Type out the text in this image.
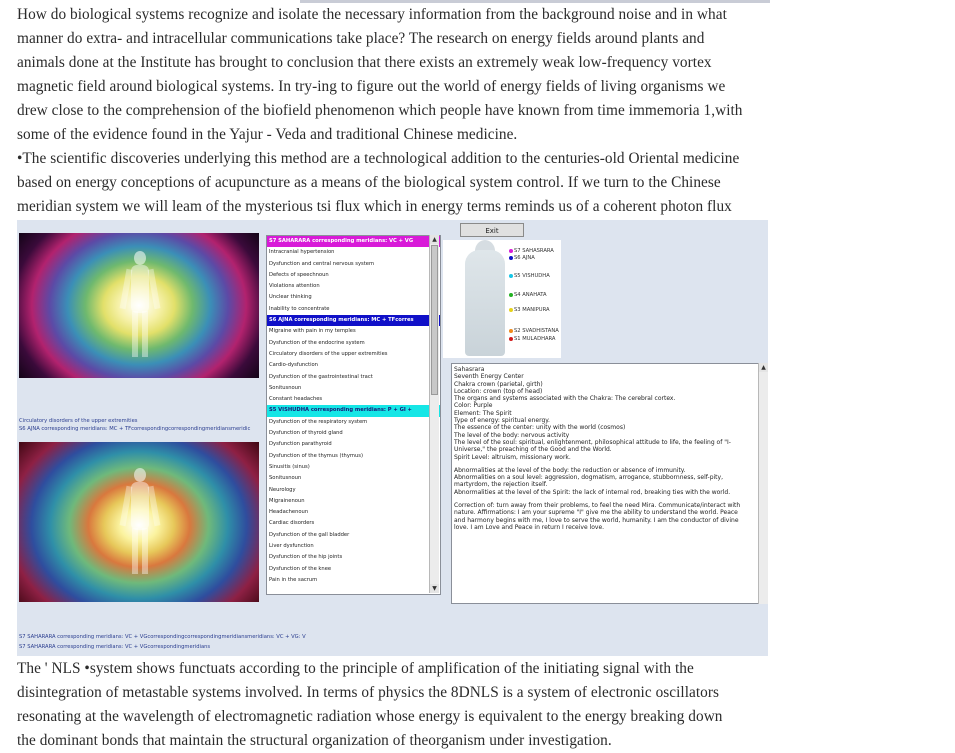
How do biological systems recognize and isolate the necessary information from the background noise and in what
manner do extra- and intracellular communications take place? The research on energy fields around plants and
animals done at the Institute has brought to conclusion that there exists an extremely weak low-frequency vortex
magnetic field around biological systems. In try-ing to figure out the world of energy fields of living organisms we
drew close to the comprehension of the biofield phenomenon which people have known from time immemoria 1,with
some of the evidence found in the Yajur - Veda and traditional Chinese medicine.
•The scientific discoveries underlying this method are a technological addition to the centuries-old Oriental medicine
based on energy conceptions of acupuncture as a means of the biological system control. If we turn to the Chinese
meridian system we will leam of the mysterious tsi flux which in energy terms reminds us of a coherent photon flux
Circulatory disorders of the upper extremities
S6 AJNA corresponding meridians: MC + TFcorrespondingcorrespondingmeridiansmeridic
S7 SAHARARA corresponding meridians: VC + VG
Intracranial hypertension
Dysfunction and central nervous system
Defects of speechnoun
Violations attention
Unclear thinking
Inability to concentrate
S6 AJNA corresponding meridians: MC + TFcorres
Migraine with pain in my temples
Dysfunction of the endocrine system
Circulatory disorders of the upper extremities
Cardio-dysfunction
Dysfunction of the gastrointestinal tract
Sonitusnoun
Constant headaches
S5 VISHUDHA corresponding meridians: P + GI +
Dysfunction of the respiratory system
Dysfunction of thyroid gland
Dysfunction parathyroid
Dysfunction of the thymus (thymus)
Sinusitis (sinus)
Sonitusnoun
Neurology
Migrainenoun
Headachenoun
Cardiac disorders
Dysfunction of the gall bladder
Liver dysfunction
Dysfunction of the hip joints
Dysfunction of the knee
Pain in the sacrum
▲
▼
Exit
S7 SAHASRARA
S6 AJNA
S5 VISHUDHA
S4 ANAHATA
S3 MANIPURA
S2 SVADHISTANA
S1 MULADHARA
Sahasrara
Seventh Energy Center
Chakra crown (parietal, girth)
Location: crown (top of head)
The organs and systems associated with the Chakra: The cerebral cortex.
Color: Purple
Element: The Spirit
Type of energy: spiritual energy.
The essence of the center: unity with the world (cosmos)
The level of the body: nervous activity
The level of the soul: spiritual, enlightenment, philosophical attitude to life, the feeling of "I-
Universe," the preaching of the Good and the World.
Spirit Level: altruism, missionary work.
Abnormalities at the level of the body: the reduction or absence of immunity.
Abnormalities on a soul level: aggression, dogmatism, arrogance, stubbornness, self-pity,
martyrdom, the rejection itself.
Abnormalities at the level of the Spirit: the lack of internal rod, breaking ties with the world.
Correction of: turn away from their problems, to feel the need Mira. Communicate/interact with
nature. Affirmations: I am your supreme "I" give me the ability to understand the world. Peace
and harmony begins with me, I love to serve the world, humanity. I am the conductor of divine
love. I am Love and Peace in return I receive love.
▲
S7 SAHARARA corresponding meridians: VC + VGcorrespondingcorrespondingmeridiansmeridians: VC + VG: V
S7 SAHARARA corresponding meridians: VC + VGcorrespondingmeridians
The ' NLS •system shows functuats according to the principle of amplification of the initiating signal with the
disintegration of metastable systems involved. In terms of physics the 8DNLS is a system of electronic oscillators
resonating at the wavelength of electromagnetic radiation whose energy is equivalent to the energy breaking down
the dominant bonds that maintain the structural organization of theorganism under investigation.
